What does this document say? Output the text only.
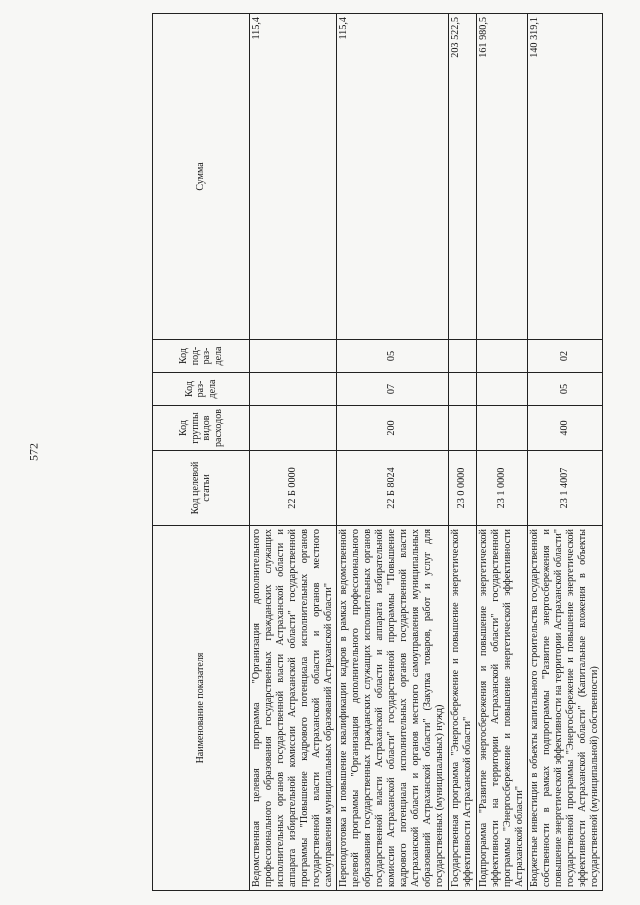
572
Наименование показателя	Код целевой статьи	Код группы видов расходов	Код раз-дела	Код под-раз-дела	Сумма
Ведомственная целевая программа "Организация дополнительного профессионального образования государственных гражданских служащих исполнительных органов государственной власти Астраханской области и аппарата избирательной комиссии Астраханской области" государственной программы "Повышение кадрового потенциала исполнительных органов государственной власти Астраханской области и органов местного самоуправления муниципальных образований Астраханской области"	22 Б 0000				115,4
Переподготовка и повышение квалификации кадров в рамках ведомственной целевой программы "Организация дополнительного профессионального образования государственных гражданских служащих исполнительных органов государственной власти Астраханской области и аппарата избирательной комиссии Астраханской области" государственной программы "Повышение кадрового потенциала исполнительных органов государственной власти Астраханской области и органов местного самоуправления муниципальных образований Астраханской области" (Закупка товаров, работ и услуг для государственных (муниципальных) нужд)	22 Б 8024	200	07	05	115,4
Государственная программа "Энергосбережение и повышение энергетической эффективности Астраханской области"	23 0 0000				203 522,5
Подпрограмма "Развитие энергосбережения и повышение энергетической эффективности на территории Астраханской области" государственной программы "Энергосбережение и повышение энергетической эффективности Астраханской области"	23 1 0000				161 980,5
Бюджетные инвестиции в объекты капитального строительства государственной собственности в рамках подпрограммы "Развитие энергосбережения и повышение энергетической эффективности на территории Астраханской области" государственной программы "Энергосбережение и повышение энергетической эффективности Астраханской области" (Капитальные вложения в объекты государственной (муниципальной) собственности)	23 1 4007	400	05	02	140 319,1
